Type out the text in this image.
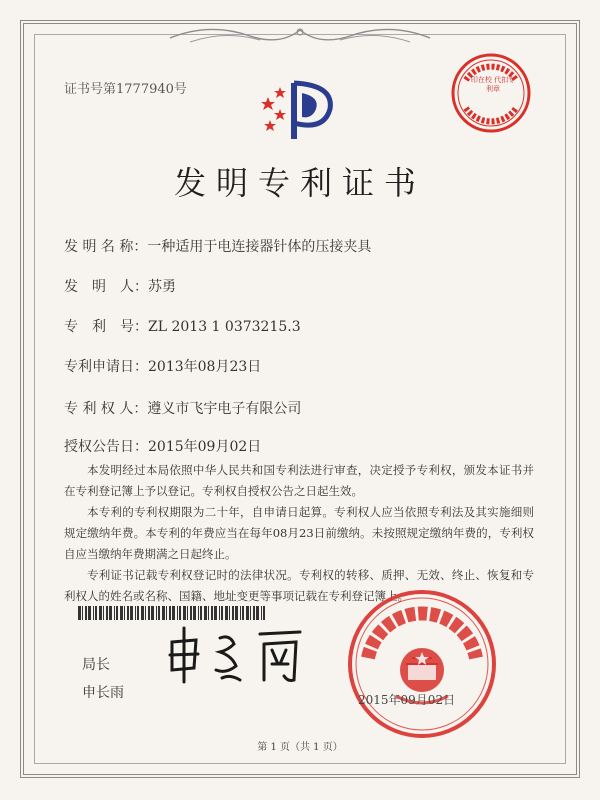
证书号第1777940号
印在校 代扣专利章
发明专利证书
发 明 名 称：一种适用于电连接器针体的压接夹具
发　明　人：苏勇
专　利　号：ZL 2013 1 0373215.3
专利申请日：2013年08月23日
专 利 权 人：遵义市飞宇电子有限公司
授权公告日：2015年09月02日

本发明经过本局依照中华人民共和国专利法进行审查，决定授予专利权，颁发本证书并在专利登记簿上予以登记。专利权自授权公告之日起生效。

本专利的专利权期限为二十年，自申请日起算。专利权人应当依照专利法及其实施细则规定缴纳年费。本专利的年费应当在每年08月23日前缴纳。未按照规定缴纳年费的，专利权自应当缴纳年费期满之日起终止。

专利证书记载专利权登记时的法律状况。专利权的转移、质押、无效、终止、恢复和专利权人的姓名或名称、国籍、地址变更等事项记载在专利登记簿上。

局长
申长雨	2015年09月02日
第 1 页（共 1 页）
